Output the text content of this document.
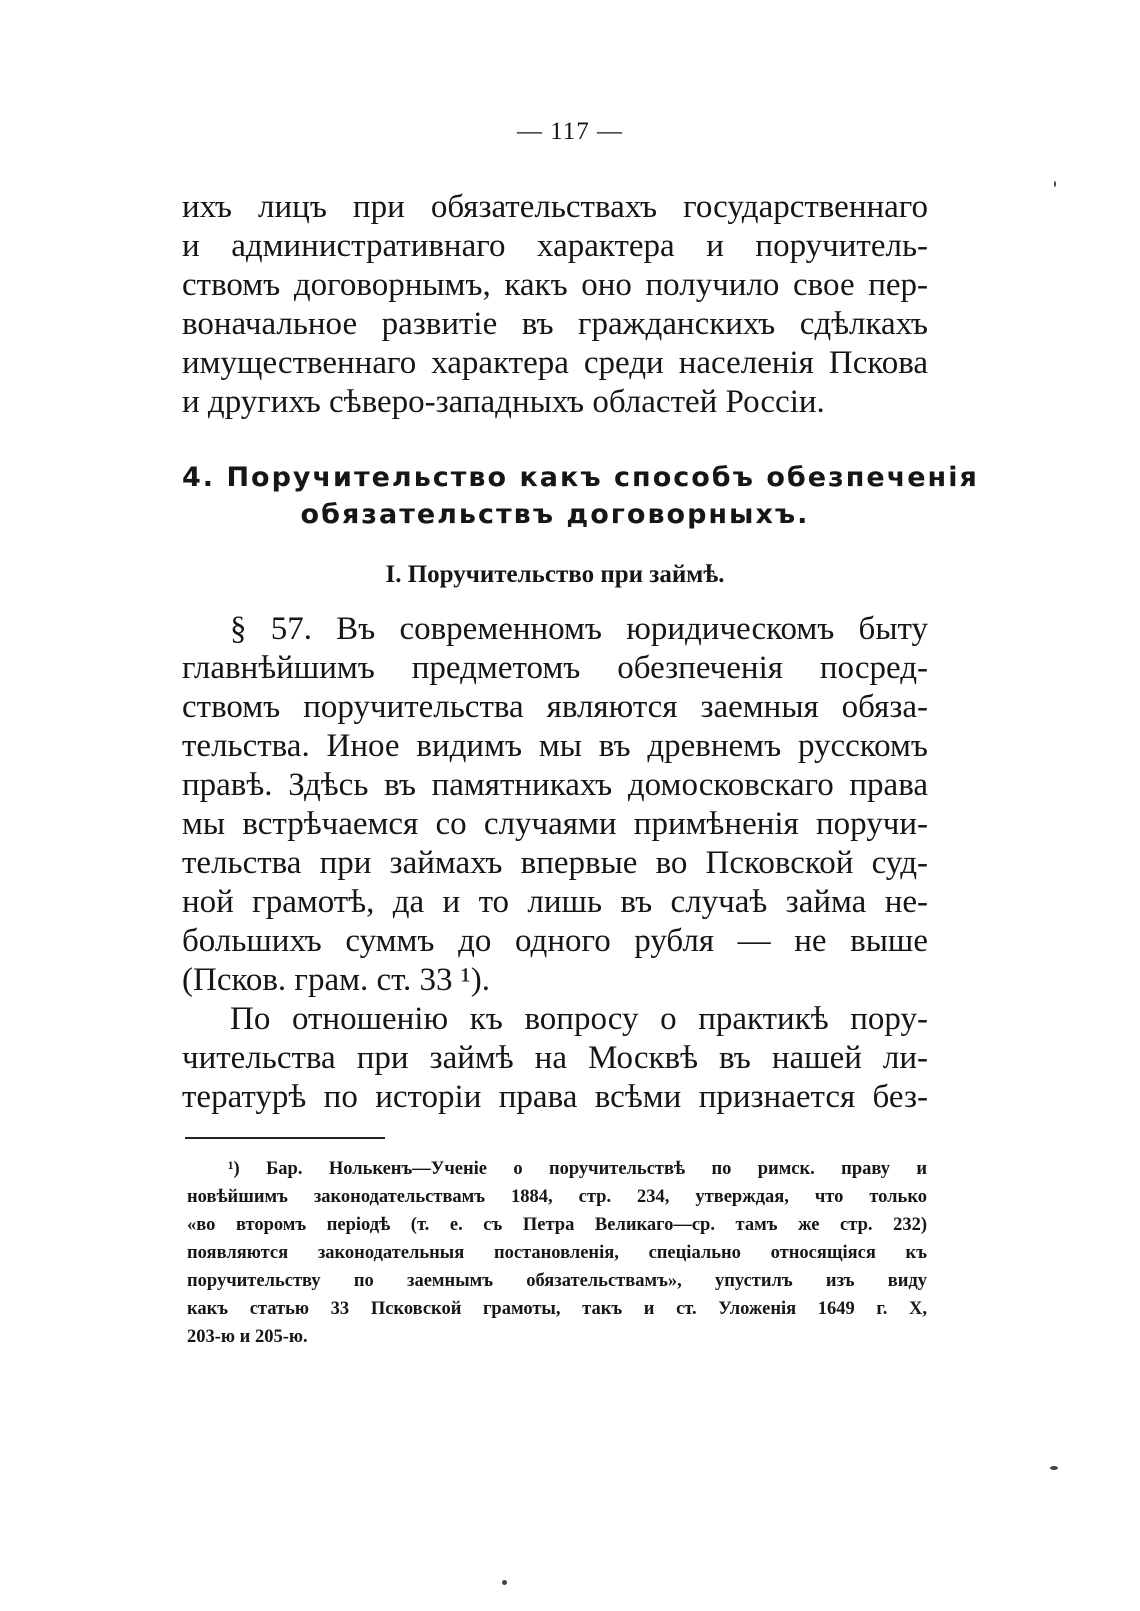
— 117 —
ихъ лицъ при обязательствахъ государственнаго
и административнаго характера и поручитель-
ствомъ договорнымъ, какъ оно получило свое пер-
воначальное развитіе въ гражданскихъ сдѣлкахъ
имущественнаго характера среди населенія Пскова
и другихъ сѣверо-западныхъ областей Россіи.
4. Поручительство какъ способъ обезпеченія
обязательствъ договорныхъ.
I. Поручительство при займѣ.
§ 57. Въ современномъ юридическомъ быту
главнѣйшимъ предметомъ обезпеченія посред-
ствомъ поручительства являются заемныя обяза-
тельства. Иное видимъ мы въ древнемъ русскомъ
правѣ. Здѣсь въ памятникахъ домосковскаго права
мы встрѣчаемся со случаями примѣненія поручи-
тельства при займахъ впервые во Псковской суд-
ной грамотѣ, да и то лишь въ случаѣ займа не-
большихъ суммъ до одного рубля — не выше
(Псков. грам. ст. 33 ¹).
По отношенію къ вопросу о практикѣ пору-
чительства при займѣ на Москвѣ въ нашей ли-
тературѣ по исторіи права всѣми признается без-
¹) Бар. Нолькенъ—Ученіе о поручительствѣ по римск. праву и
новѣйшимъ законодательствамъ 1884, стр. 234, утверждая, что только
«во второмъ періодѣ (т. е. съ Петра Великаго—ср. тамъ же стр. 232)
появляются законодательныя постановленія, спеціально относящіяся къ
поручительству по заемнымъ обязательствамъ», упустилъ изъ виду
какъ статью 33 Псковской грамоты, такъ и ст. Уложенія 1649 г. X,
203-ю и 205-ю.
